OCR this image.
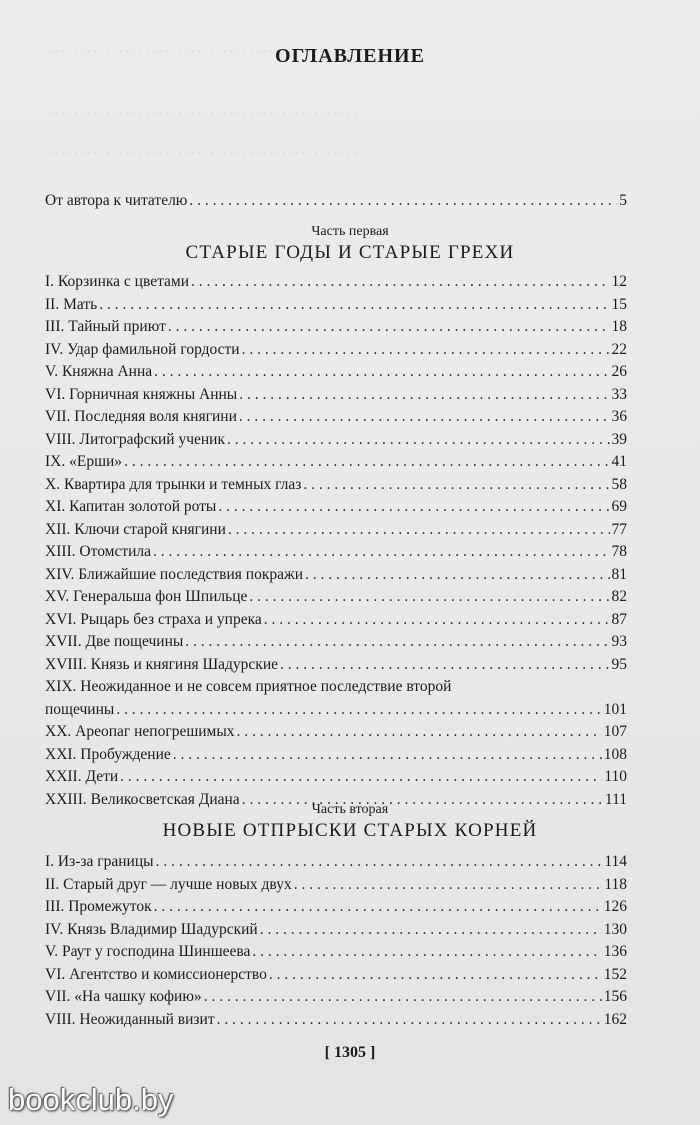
. . . . . . . . . . . . . . . . . . . . . . . . . . . . . . . . . . . . . . . . . . . . . . . . .
. . . . . . . . . . . . . . . . . . . . . . . . . . . . . . . . . . . . . . . . . . . . . . . .
. . . . . . . . . . . . . . . . . . . . . . . . . . . . . . . . . . . . . . . . . . . . . . . .
ОГЛАВЛЕНИЕ
От автора к читателю . . .	5
Часть первая
СТАРЫЕ ГОДЫ И СТАРЫЕ ГРЕХИ
I. Корзинка с цветами . . .	12
II. Мать . . .	15
III. Тайный приют . . .	18
IV. Удар фамильной гордости . . .	22
V. Княжна Анна . . .	26
VI. Горничная княжны Анны . . .	33
VII. Последняя воля княгини . . .	36
VIII. Литографский ученик . . .	39
IX. «Ерши» . . .	41
X. Квартира для трынки и темных глаз . . .	58
XI. Капитан золотой роты . . .	69
XII. Ключи старой княгини . . .	77
XIII. Отомстила . . .	78
XIV. Ближайшие последствия покражи . . .	81
XV. Генеральша фон Шпильце . . .	82
XVI. Рыцарь без страха и упрека . . .	87
XVII. Две пощечины . . .	93
XVIII. Князь и княгиня Шадурские . . .	95
XIX. Неожиданное и не совсем приятное последствие второй
пощечины . . .	101
XX. Ареопаг непогрешимых . . .	107
XXI. Пробуждение . . .	108
XXII. Дети . . .	110
XXIII. Великосветская Диана . . .	111
Часть вторая
НОВЫЕ ОТПРЫСКИ СТАРЫХ КОРНЕЙ
I. Из-за границы . . .	114
II. Старый друг — лучше новых двух . . .	118
III. Промежуток . . .	126
IV. Князь Владимир Шадурский . . .	130
V. Раут у господина Шиншеева . . .	136
VI. Агентство и комиссионерство . . .	152
VII. «На чашку кофию» . . .	156
VIII. Неожиданный визит . . .	162
[ 1305 ]
bookclub.by
